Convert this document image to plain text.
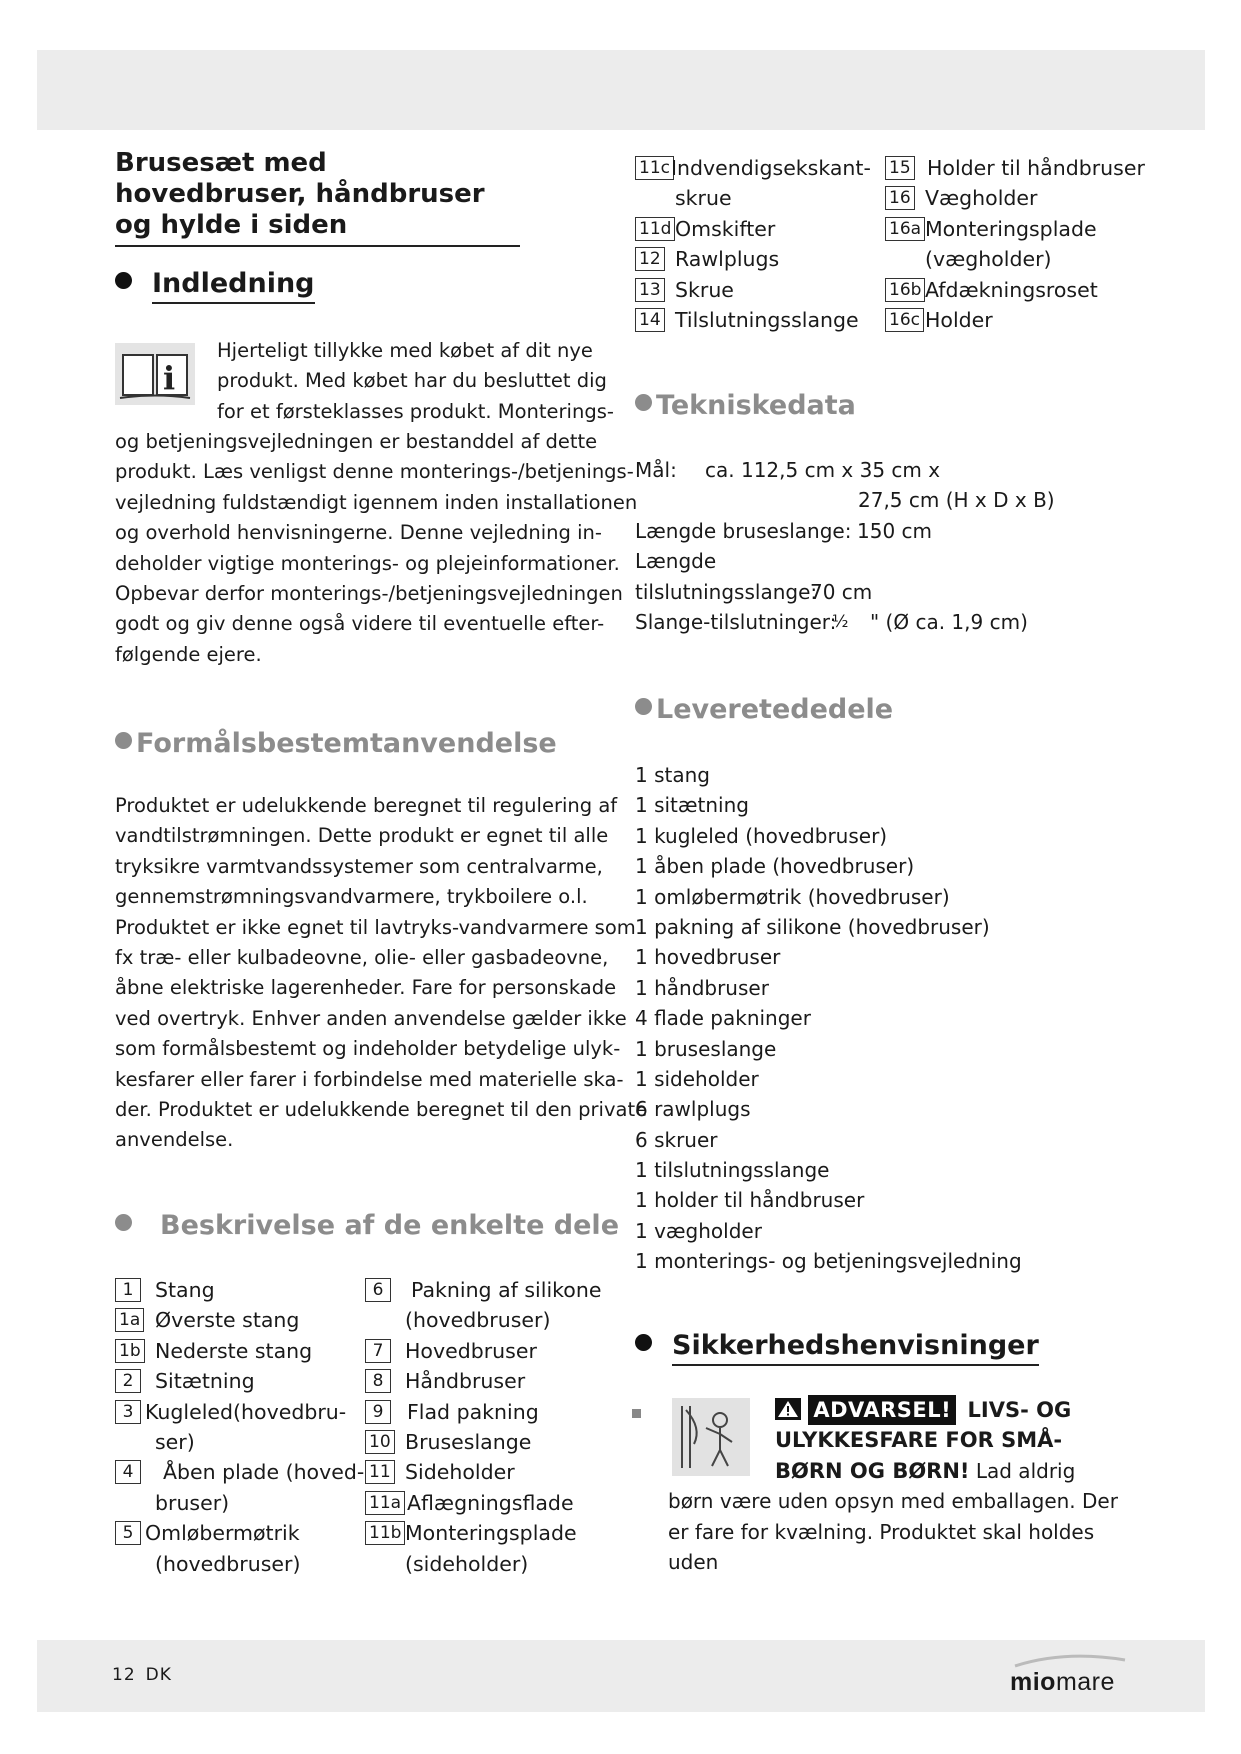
Brusesæt med hovedbruser, håndbruser og hylde i siden
Indledning
i
Hjerteligt tillykke med købet af dit nye
produkt. Med købet har du besluttet dig
for et førsteklasses produkt. Monterings-
og betjeningsvejledningen er bestanddel af dette
produkt. Læs venligst denne monterings-/betjenings-
vejledning fuldstændigt igennem inden installationen
og overhold henvisningerne. Denne vejledning in-
deholder vigtige monterings- og plejeinformationer.
Opbevar derfor monterings-/betjeningsvejledningen
godt og giv denne også videre til eventuelle efter-
følgende ejere.
Formålsbestemtanvendelse
Produktet er udelukkende beregnet til regulering af
vandtilstrømningen. Dette produkt er egnet til alle
tryksikre varmtvandssystemer som centralvarme,
gennemstrømningsvandvarmere, trykboilere o.l.
Produktet er ikke egnet til lavtryks-vandvarmere som
fx træ- eller kulbadeovne, olie- eller gasbadeovne,
åbne elektriske lagerenheder. Fare for personskade
ved overtryk. Enhver anden anvendelse gælder ikke
som formålsbestemt og indeholder betydelige ulyk-
kesfarer eller farer i forbindelse med materielle ska-
der. Produktet er udelukkende beregnet til den private
anvendelse.
Beskrivelse af de enkelte dele
1	Stang
1a Øverste stang
1b Nederste stang
2	Sitætning
3 Kugleled(hovedbru-
ser)
4	Åben plade (hoved-
bruser)
5 Omløbermøtrik
(hovedbruser)
6	Pakning af silikone
(hovedbruser)
7	Hovedbruser
8	Håndbruser
9	Flad pakning
10 Bruseslange
11 Sideholder
11a Aflægningsflade
11b Monteringsplade
(sideholder)
11c Indvendigsekskant-
skrue
11d Omskifter
12 Rawlplugs
13 Skrue
14 Tilslutningsslange
15 Holder til håndbruser
16 Vægholder
16a Monteringsplade
(vægholder)
16b Afdækningsroset
16c Holder
Tekniskedata
Mål: ca. 112,5 cm x 35 cm x
27,5 cm (H x D x B)
Længde bruseslange: 150 cm
Længde
tilslutningsslange:
70 cm
Slange-tilslutninger:
½ " (Ø ca. 1,9 cm)
Leveretededele
1 stang
1 sitætning
1 kugleled (hovedbruser)
1 åben plade (hovedbruser)
1 omløbermøtrik (hovedbruser)
1 pakning af silikone (hovedbruser)
1 hovedbruser
1 håndbruser
4 flade pakninger
1 bruseslange
1 sideholder
6 rawlplugs
6 skruer
1 tilslutningsslange
1 holder til håndbruser
1 vægholder
1 monterings- og betjeningsvejledning
Sikkerhedshenvisninger
ADVARSEL! LIVS- OG
ULYKKESFARE FOR SMÅ-
BØRN OG BØRN! Lad aldrig
børn være uden opsyn med emballagen. Der
er fare for kvælning. Produktet skal holdes uden
12 DK	miomare
